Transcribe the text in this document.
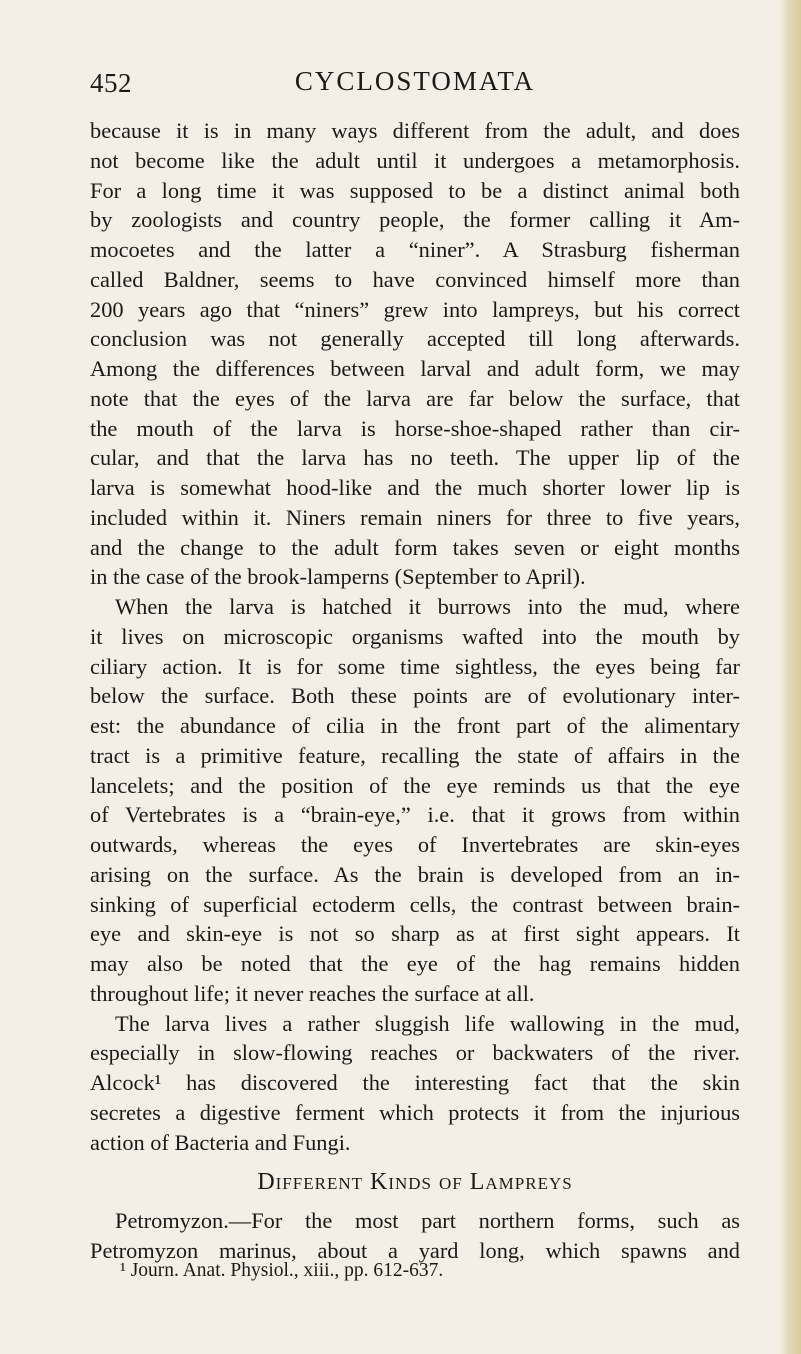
452	CYCLOSTOMATA
because it is in many ways different from the adult, and does
not become like the adult until it undergoes a metamorphosis.
For a long time it was supposed to be a distinct animal both
by zoologists and country people, the former calling it Am-
mocoetes and the latter a “niner”. A Strasburg fisherman
called Baldner, seems to have convinced himself more than
200 years ago that “niners” grew into lampreys, but his correct
conclusion was not generally accepted till long afterwards.
Among the differences between larval and adult form, we may
note that the eyes of the larva are far below the surface, that
the mouth of the larva is horse-shoe-shaped rather than cir-
cular, and that the larva has no teeth. The upper lip of the
larva is somewhat hood-like and the much shorter lower lip is
included within it. Niners remain niners for three to five years,
and the change to the adult form takes seven or eight months
in the case of the brook-lamperns (September to April).
When the larva is hatched it burrows into the mud, where
it lives on microscopic organisms wafted into the mouth by
ciliary action. It is for some time sightless, the eyes being far
below the surface. Both these points are of evolutionary inter-
est: the abundance of cilia in the front part of the alimentary
tract is a primitive feature, recalling the state of affairs in the
lancelets; and the position of the eye reminds us that the eye
of Vertebrates is a “brain-eye,” i.e. that it grows from within
outwards, whereas the eyes of Invertebrates are skin-eyes
arising on the surface. As the brain is developed from an in-
sinking of superficial ectoderm cells, the contrast between brain-
eye and skin-eye is not so sharp as at first sight appears. It
may also be noted that the eye of the hag remains hidden
throughout life; it never reaches the surface at all.
The larva lives a rather sluggish life wallowing in the mud,
especially in slow-flowing reaches or backwaters of the river.
Alcock¹ has discovered the interesting fact that the skin
secretes a digestive ferment which protects it from the injurious
action of Bacteria and Fungi.
Different Kinds of Lampreys
Petromyzon.—For the most part northern forms, such as
Petromyzon marinus, about a yard long, which spawns and
¹ Journ. Anat. Physiol., xiii., pp. 612-637.
